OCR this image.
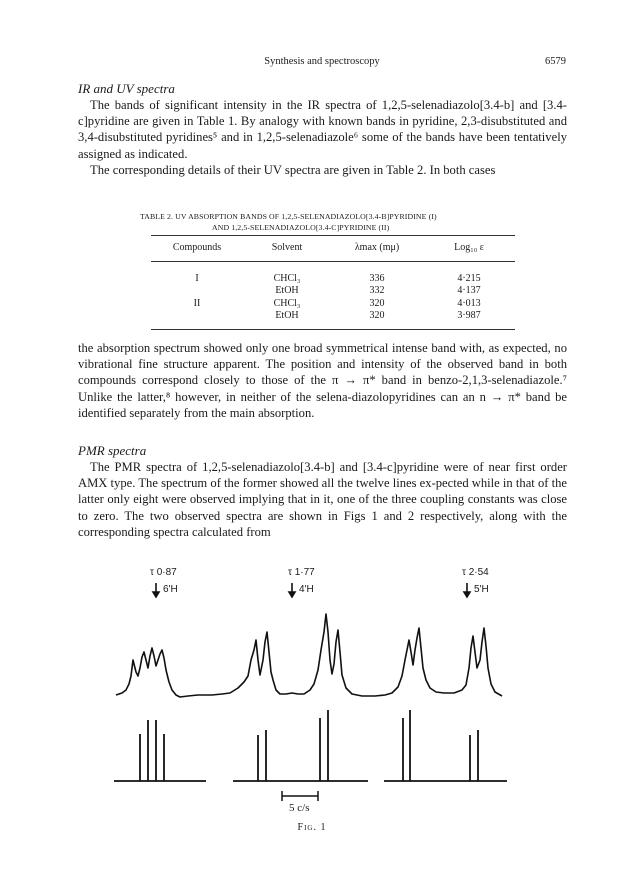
Synthesis and spectroscopy	6579
IR and UV spectra

The bands of significant intensity in the IR spectra of 1,2,5-selenadiazolo[3.4-b] and [3.4-c]pyridine are given in Table 1. By analogy with known bands in pyridine, 2,3-disubstituted and 3,4-disubstituted pyridines⁵ and in 1,2,5-selenadiazole⁶ some of the bands have been tentatively assigned as indicated.

The corresponding details of their UV spectra are given in Table 2. In both cases

TABLE 2. UV ABSORPTION BANDS OF 1,2,5-SELENADIAZOLO[3.4-B]PYRIDINE (I)
AND 1,2,5-SELENADIAZOLO[3.4-C]PYRIDINE (II)
Compounds	Solvent	λmax (mμ)	Log₁₀ ε

I	CHCl₃	336	4·215
	EtOH	332	4·137
II	CHCl₃	320	4·013
	EtOH	320	3·987

the absorption spectrum showed only one broad symmetrical intense band with, as expected, no vibrational fine structure apparent. The position and intensity of the observed band in both compounds correspond closely to those of the π → π* band in benzo-2,1,3-selenadiazole.⁷ Unlike the latter,⁸ however, in neither of the selena-diazolopyridines can an n → π* band be identified separately from the main absorption.

PMR spectra

The PMR spectra of 1,2,5-selenadiazolo[3.4-b] and [3.4-c]pyridine were of near first order AMX type. The spectrum of the former showed all the twelve lines ex-pected while in that of the latter only eight were observed implying that in it, one of the three coupling constants was close to zero. The two observed spectra are shown in Figs 1 and 2 respectively, along with the corresponding spectra calculated from

τ 0·87
6'H
τ 1·77
4'H
τ 2·54
5'H
5 c/s
Fig. 1
